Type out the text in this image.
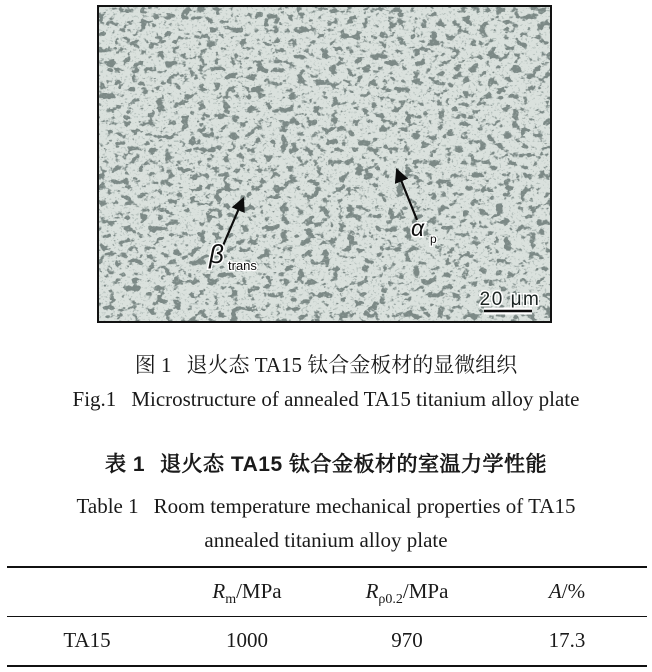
β trans
α p
20 μm
图 1 退火态 TA15 钛合金板材的显微组织
Fig.1 Microstructure of annealed TA15 titanium alloy plate
表 1 退火态 TA15 钛合金板材的室温力学性能
Table 1 Room temperature mechanical properties of TA15
annealed titanium alloy plate
	$R_m$/MPa	$R_{\rho 0.2}$/MPa	A/%
TA15	1000	970	17.3
